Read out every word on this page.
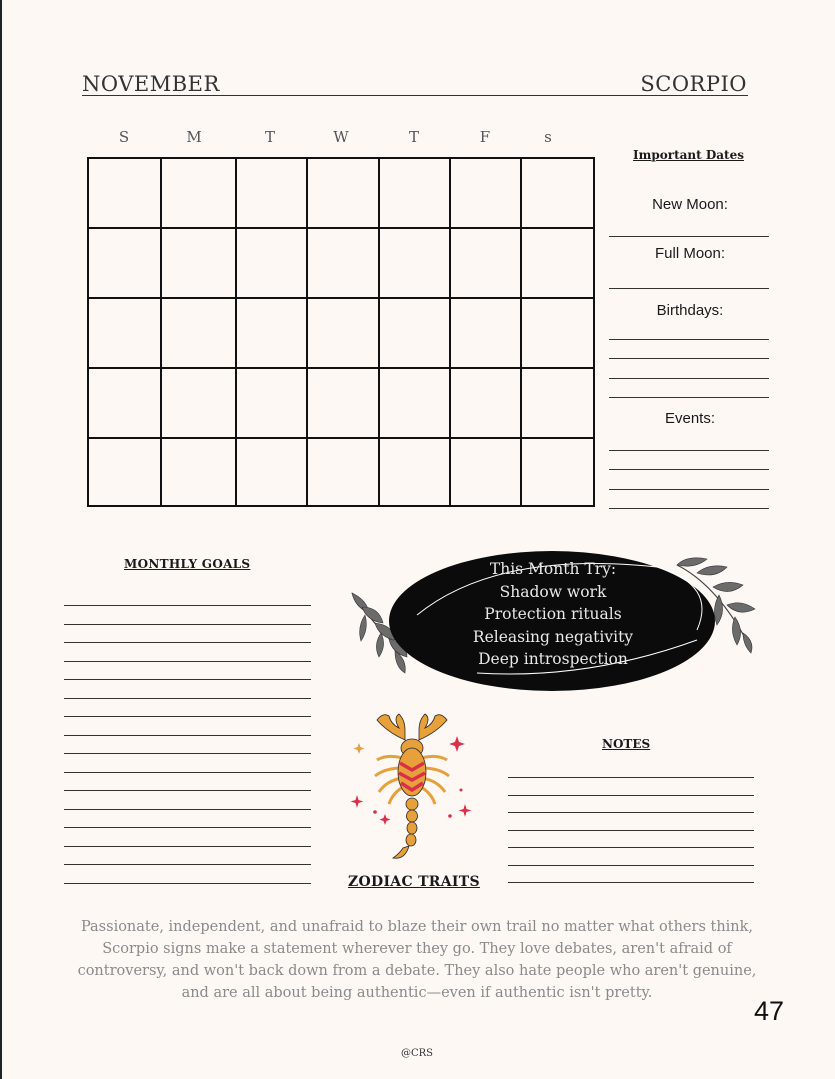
NOVEMBER	SCORPIO
S	M	T	W	T	F	s
Important Dates
New Moon:
Full Moon:
Birthdays:
Events:
MONTHLY GOALS	This Month Try:
Shadow work
Protection rituals
Releasing negativity
Deep introspection
ZODIAC TRAITS
NOTES
Passionate, independent, and unafraid to blaze their own trail no matter what others think, Scorpio signs make a statement wherever they go. They love debates, aren't afraid of controversy, and won't back down from a debate. They also hate people who aren't genuine, and are all about being authentic—even if authentic isn't pretty.
47
@CRS
